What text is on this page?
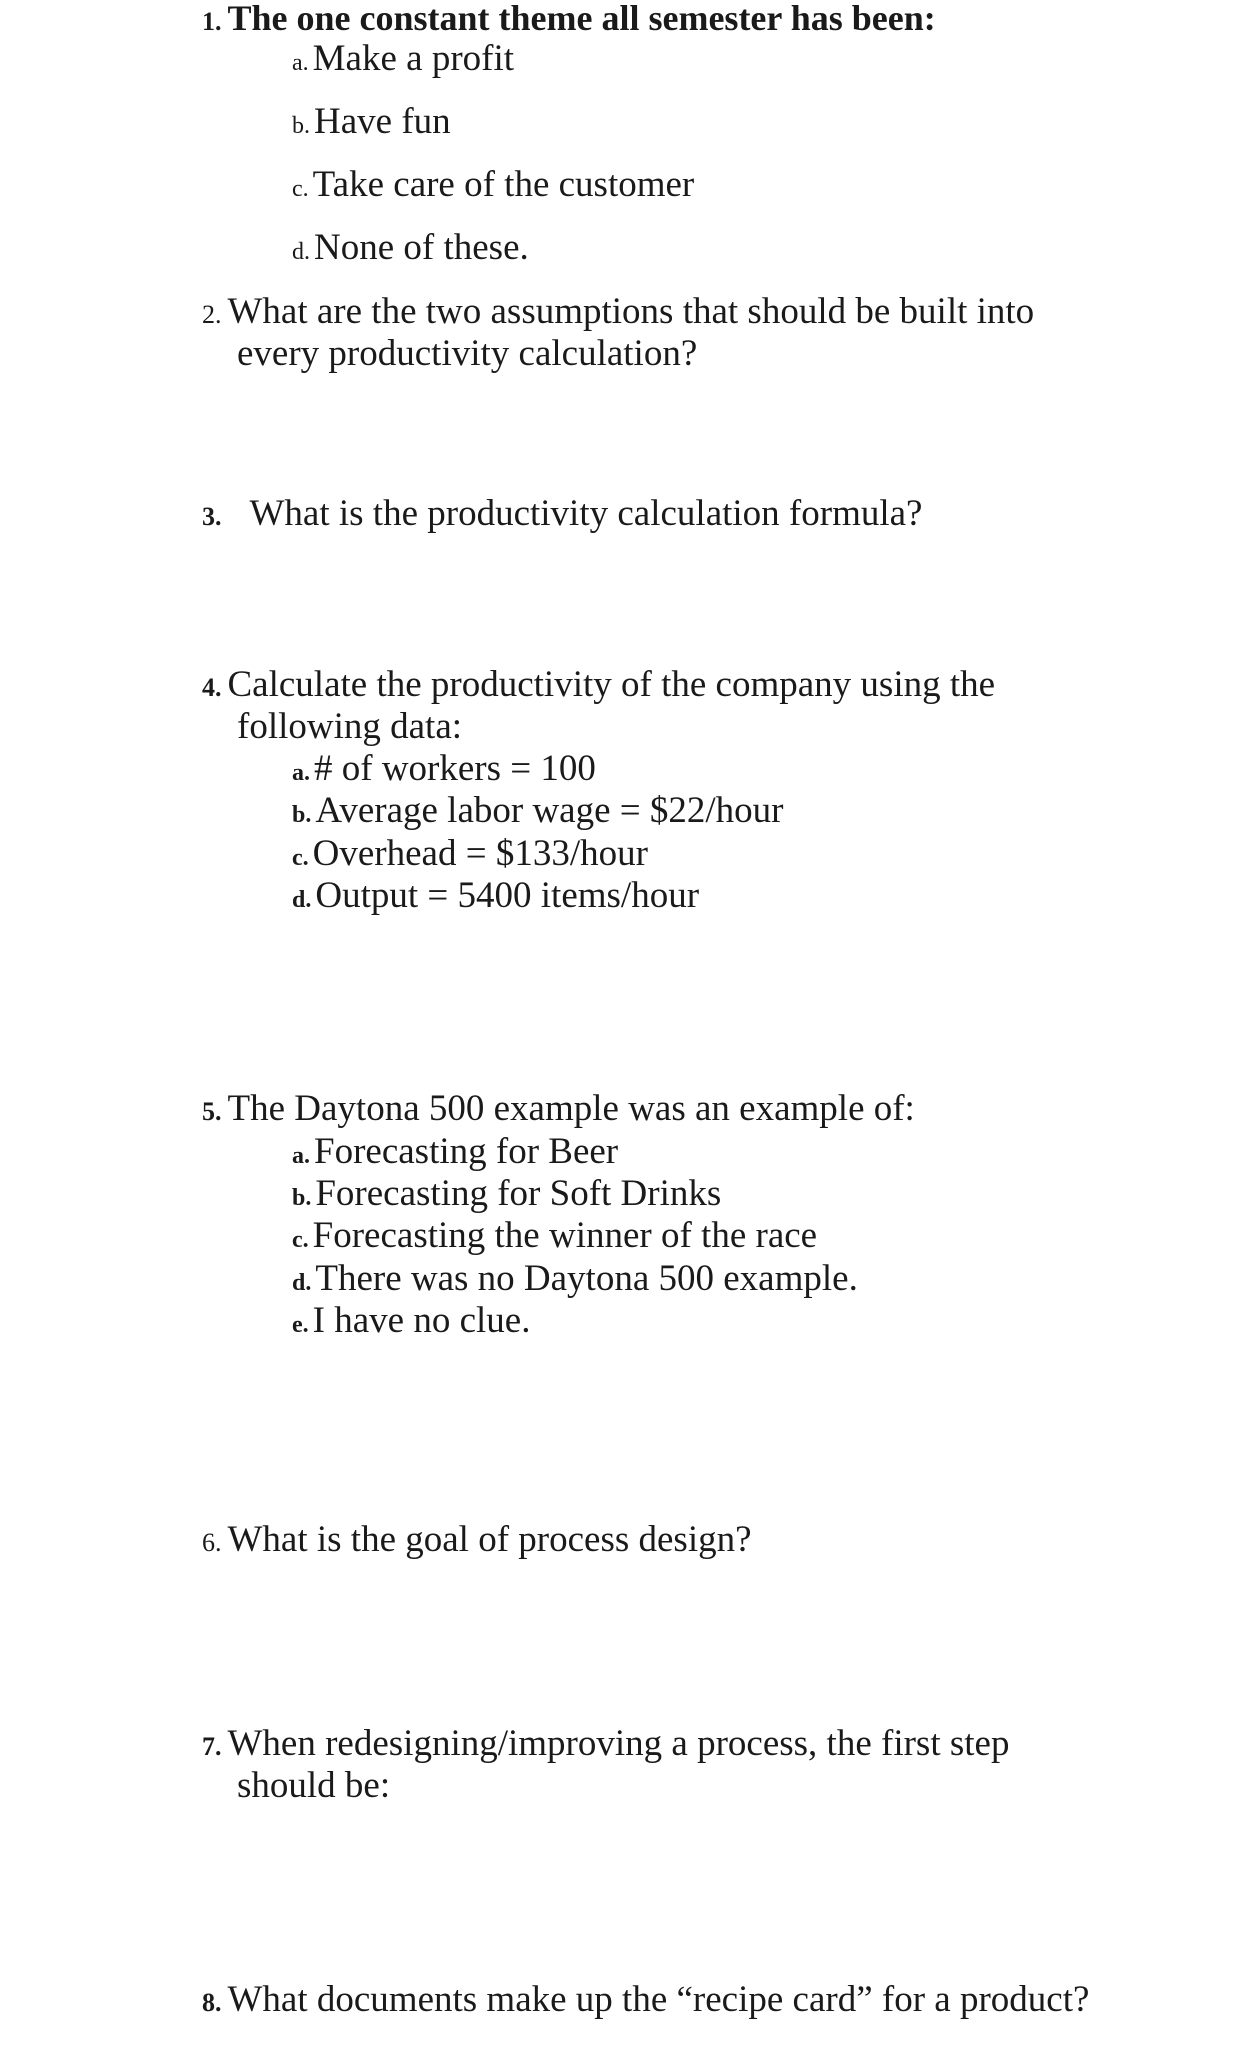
1. The one constant theme all semester has been:
a. Make a profit
b. Have fun
c. Take care of the customer
d. None of these.
2. What are the two assumptions that should be built into
every productivity calculation?
3. What is the productivity calculation formula?
4. Calculate the productivity of the company using the
following data:
a. # of workers = 100
b. Average labor wage = $22/hour
c. Overhead = $133/hour
d. Output = 5400 items/hour
5. The Daytona 500 example was an example of:
a. Forecasting for Beer
b. Forecasting for Soft Drinks
c. Forecasting the winner of the race
d. There was no Daytona 500 example.
e. I have no clue.
6. What is the goal of process design?
7. When redesigning/improving a process, the first step
should be:
8. What documents make up the “recipe card” for a product?
